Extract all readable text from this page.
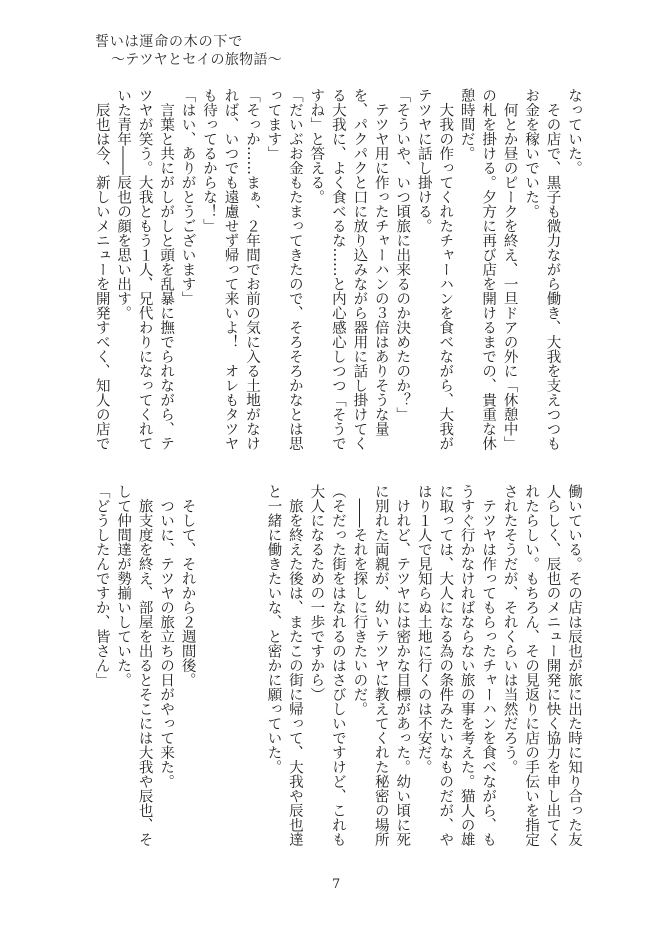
誓いは運命の木の下で
～テツヤとセイの旅物語～
なっていた。
　その店で、黒子も微力ながら働き、大我を支えつつも
お金を稼いでいた。
　何とか昼のピークを終え、一旦ドアの外に「休憩中」
の札を掛ける。夕方に再び店を開けるまでの、貴重な休
憩時間だ。
　大我の作ってくれたチャーハンを食べながら、大我が
テツヤに話し掛ける。
「そういや、いつ頃旅に出来るのか決めたのか？」
　テツヤ用に作ったチャーハンの３倍はありそうな量
を、パクパクと口に放り込みながら器用に話し掛けてく
る大我に、よく食べるな……と内心感心しつつ「そうで
すね」と答える。
「だいぶお金もたまってきたので、そろそろかなとは思
ってます」
「そっか……まぁ、２年間でお前の気に入る土地がなけ
れば、いつでも遠慮せず帰って来いよ！　オレもタツヤ
も待ってるからな！」
「はい、ありがとうございます」
　言葉と共にがしがしと頭を乱暴に撫でられながら、テ
ツヤが笑う。大我ともう１人、兄代わりになってくれて
いた青年――辰也の顔を思い出す。
　辰也は今、新しいメニューを開発すべく、知人の店で
働いている。その店は辰也が旅に出た時に知り合った友
人らしく、辰也のメニュー開発に快く協力を申し出てく
れたらしい。もちろん、その見返りに店の手伝いを指定
されたそうだが、それくらいは当然だろう。
　テツヤは作ってもらったチャーハンを食べながら、も
うすぐ行かなければならない旅の事を考えた。猫人の雄
に取っては、大人になる為の条件みたいなものだが、や
はり１人で見知らぬ土地に行くのは不安だ。
　けれど、テツヤには密かな目標があった。幼い頃に死
に別れた両親が、幼いテツヤに教えてくれた秘密の場所
　――それを探しに行きたいのだ。
（そだった街をはなれるのはさびしいですけど、これも
大人になるための一歩ですから）
　旅を終えた後は、またこの街に帰って、大我や辰也達
と一緒に働きたいな、と密かに願っていた。
　そして、それから２週間後。
　ついに、テツヤの旅立ちの日がやって来た。
　旅支度を終え、部屋を出るとそこには大我や辰也、そ
して仲間達が勢揃いしていた。
「どうしたんですか、皆さん」
7
